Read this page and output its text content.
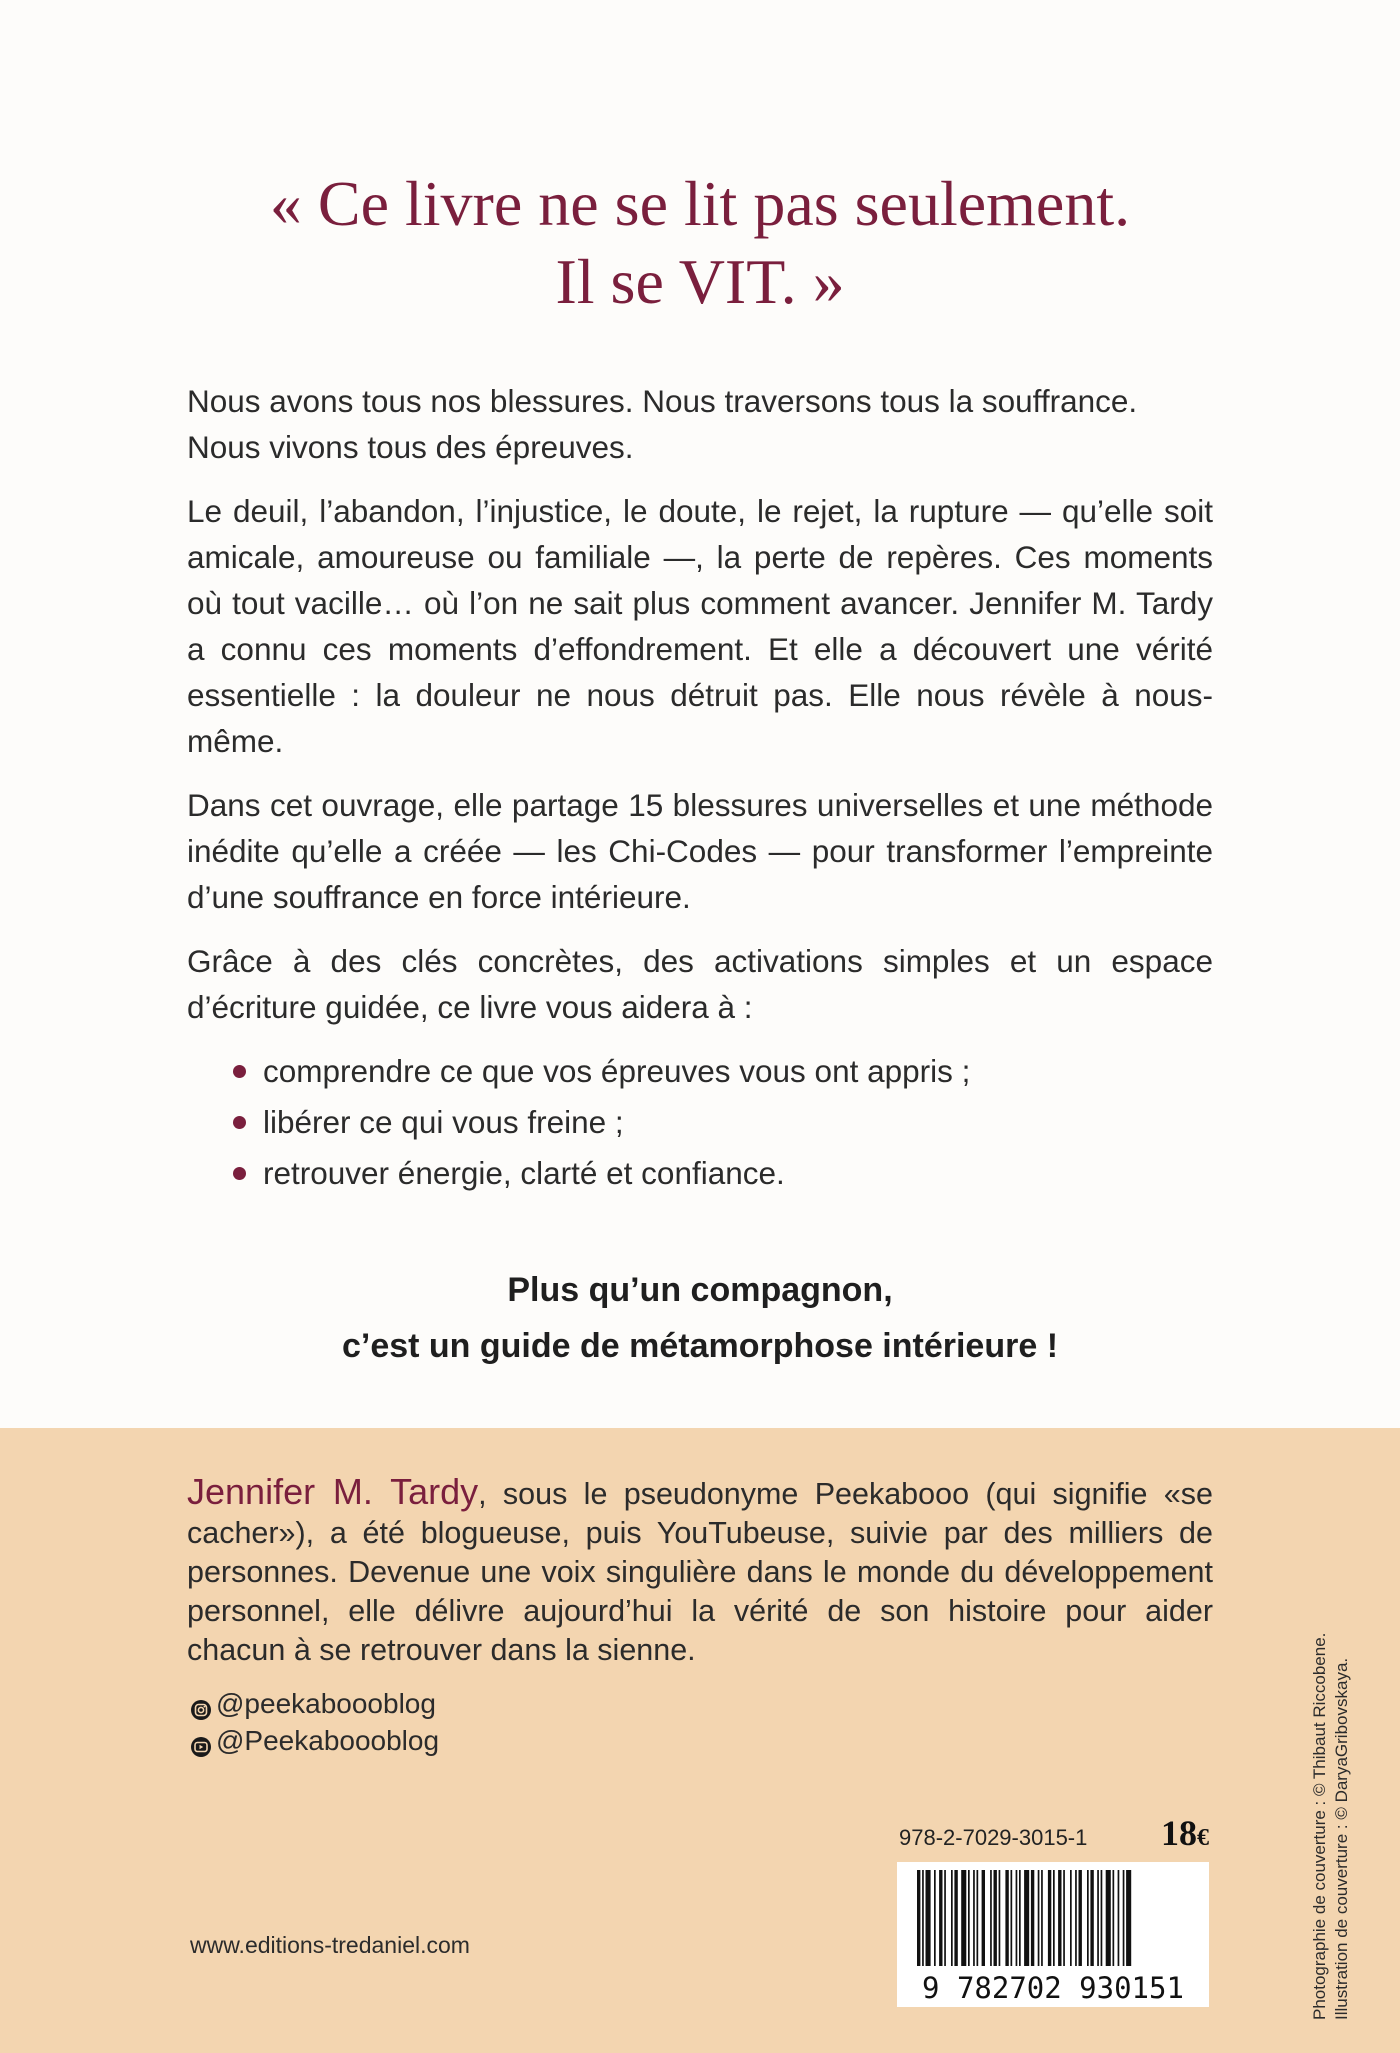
« Ce livre ne se lit pas seulement.
Il se VIT. »

Nous avons tous nos blessures. Nous traversons tous la souffrance. Nous vivons tous des épreuves.

Le deuil, l’abandon, l’injustice, le doute, le rejet, la rupture — qu’elle soit amicale, amoureuse ou familiale —, la perte de repères. Ces moments où tout vacille… où l’on ne sait plus comment avancer. Jennifer M. Tardy a connu ces moments d’effondrement. Et elle a découvert une vérité essentielle : la douleur ne nous détruit pas. Elle nous révèle à nous-même.

Dans cet ouvrage, elle partage 15 blessures universelles et une méthode inédite qu’elle a créée — les Chi-Codes — pour transformer l’empreinte d’une souffrance en force intérieure.

Grâce à des clés concrètes, des activations simples et un espace d’écriture guidée, ce livre vous aidera à :

comprendre ce que vos épreuves vous ont appris ;
libérer ce qui vous freine ;
retrouver énergie, clarté et confiance.
Plus qu’un compagnon,
c’est un guide de métamorphose intérieure !
Jennifer M. Tardy, sous le pseudonyme Peekabooo (qui signifie «se cacher»), a été blogueuse, puis YouTubeuse, suivie par des milliers de personnes. Devenue une voix singulière dans le monde du développement personnel, elle délivre aujourd’hui la vérité de son histoire pour aider chacun à se retrouver dans la sienne.
@peekaboooblog
@Peekaboooblog
978-2-7029-3015-1 18€
9 782702 930151
www.editions-tredaniel.com	Photographie de couverture : © Thibaut Riccobene. Illustration de couverture : © DaryaGribovskaya.
